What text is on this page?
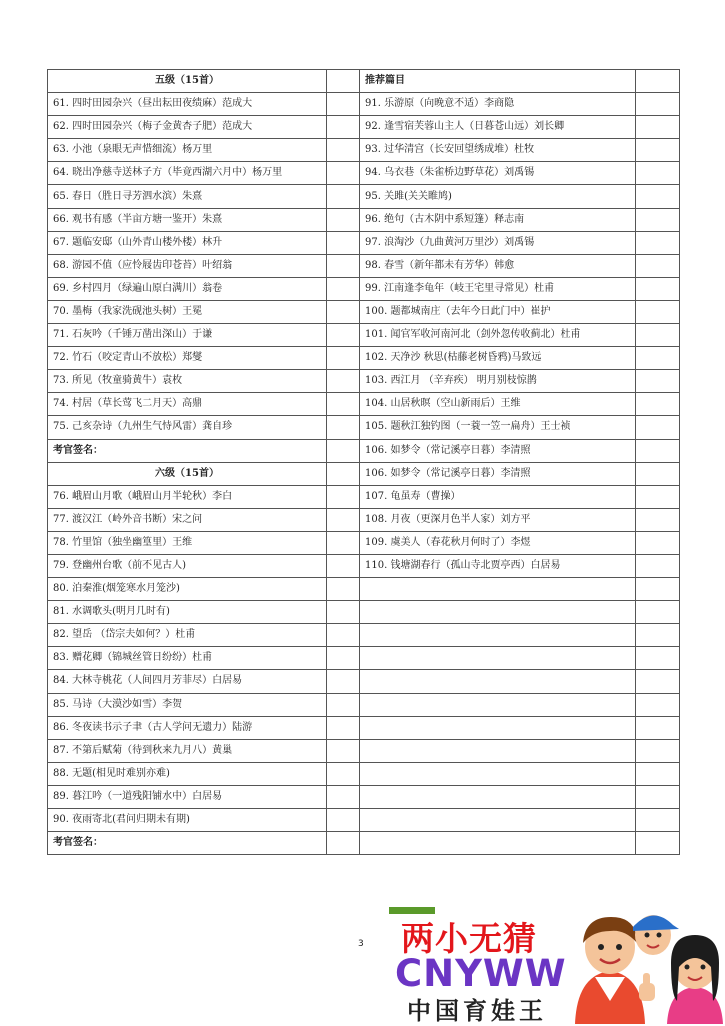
五级（15首）		推荐篇目	
61. 四时田园杂兴（昼出耘田夜绩麻）范成大		91. 乐游原（向晚意不适）李商隐	
62. 四时田园杂兴（梅子金黄杏子肥）范成大		92. 逢雪宿芙蓉山主人（日暮苍山远）刘长卿	
63. 小池（泉眼无声惜细流）杨万里		93. 过华清宫（长安回望绣成堆）杜牧	
64. 晓出净慈寺送林子方（毕竟西湖六月中）杨万里		94. 乌衣巷（朱雀桥边野草花）刘禹锡	
65. 春日（胜日寻芳泗水滨）朱熹		95. 关雎(关关睢鸠)	
66. 观书有感（半亩方塘一鉴开）朱熹		96. 绝句（古木阴中系短篷）释志南	
67. 题临安邸（山外青山楼外楼）林升		97. 浪淘沙（九曲黄河万里沙）刘禹锡	
68. 游园不值（应怜屐齿印苍苔）叶绍翁		98. 春雪（新年都未有芳华）韩愈	
69. 乡村四月（绿遍山原白满川）翁卷		99. 江南逢李龟年（岐王宅里寻常见）杜甫	
70. 墨梅（我家洗砚池头树）王冕		100. 题都城南庄（去年今日此门中）崔护	
71. 石灰吟（千锤万凿出深山）于谦		101. 闻官军收河南河北（剑外忽传收蓟北）杜甫	
72. 竹石（咬定青山不放松）郑燮		102. 天净沙 秋思(枯藤老树昏鸦)马致远	
73. 所见（牧童骑黄牛）袁枚		103. 西江月 （辛弃疾） 明月别枝惊鹊	
74. 村居（草长莺飞二月天）高鼎		104. 山居秋暝（空山新雨后）王维	
75. 己亥杂诗（九州生气恃风雷）龚自珍		105. 题秋江独钓图（一蓑一笠一扁舟）王士祯	
考官签名：		106. 如梦令（常记溪亭日暮）李清照	
六级（15首）		106. 如梦令（常记溪亭日暮）李清照	
76. 峨眉山月歌（峨眉山月半轮秋）李白		107. 龟虽寿（曹操）	
77. 渡汉江（岭外音书断）宋之问		108. 月夜（更深月色半人家）刘方平	
78. 竹里馆（独坐幽篁里）王维		109. 虞美人（春花秋月何时了）李煜	
79. 登幽州台歌（前不见古人)		110. 钱塘湖春行（孤山寺北贾亭西）白居易	
80. 泊秦淮(烟笼寒水月笼沙)			
81. 水调歌头(明月几时有)			
82. 望岳 （岱宗夫如何？）杜甫			
83. 赠花卿（锦城丝管日纷纷）杜甫			
84. 大林寺桃花（人间四月芳菲尽）白居易			
85. 马诗（大漠沙如雪）李贺			
86. 冬夜读书示子聿（古人学问无遗力）陆游			
87. 不第后赋菊（待到秋来九月八）黄巢			
88. 无题(相见时难别亦难)			
89. 暮江吟（一道残阳铺水中）白居易			
90. 夜雨寄北(君问归期未有期)			
考官签名：			
3 两小无猜
CNYWW
中国育娃王
